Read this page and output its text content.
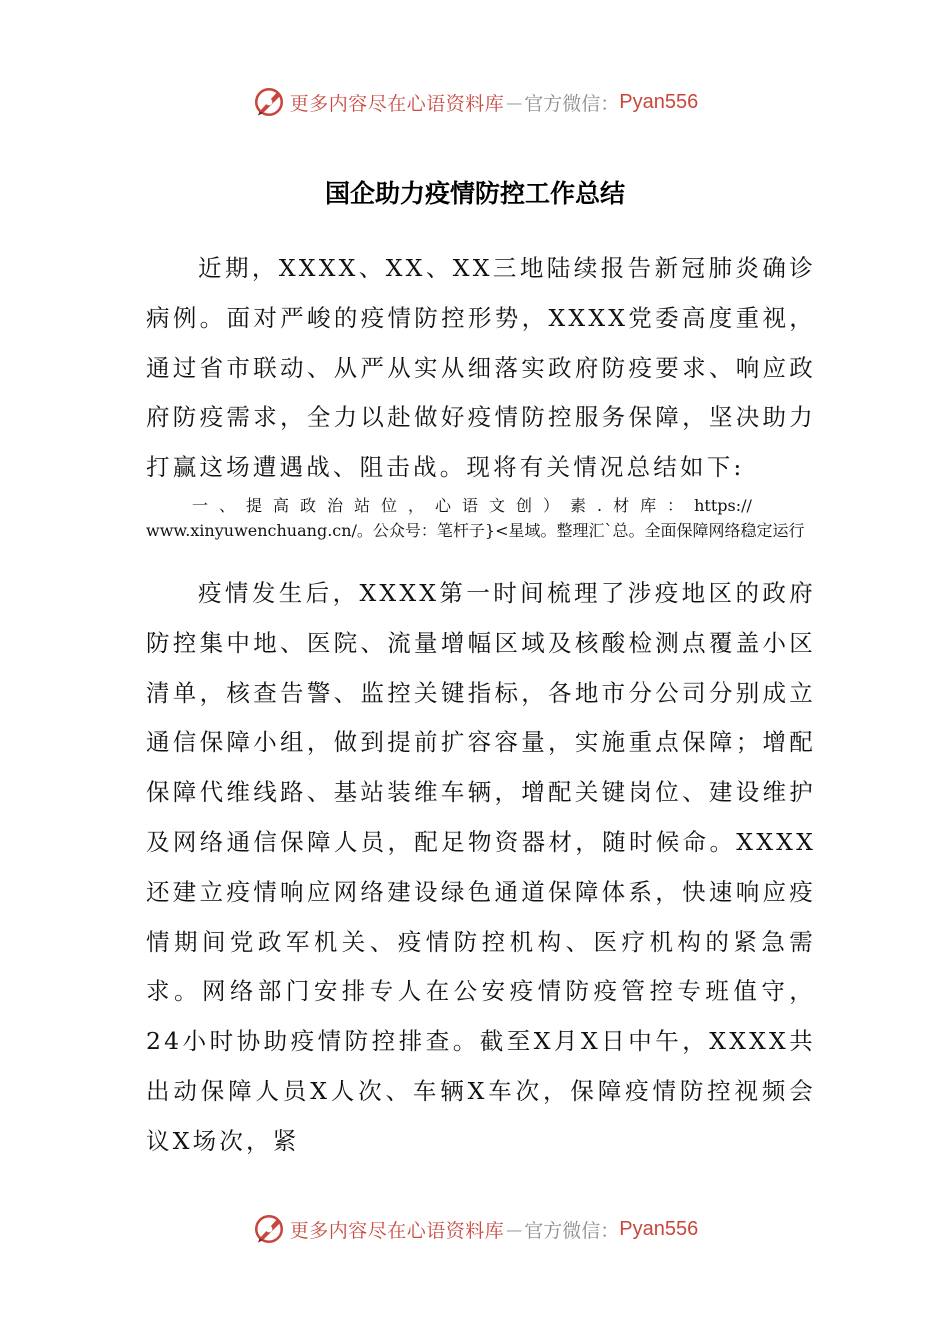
更多内容尽在心语资料库 — 官方微信： Pyan556
国企助力疫情防控工作总结
近期，XXXX、XX、XX三地陆续报告新冠肺炎确诊病例。面对严峻的疫情防控形势，XXXX党委高度重视，通过省市联动、从严从实从细落实政府防疫要求、响应政府防疫需求，全力以赴做好疫情防控服务保障，坚决助力打赢这场遭遇战、阻击战。现将有关情况总结如下:
一、提高政治站位，心语文创）素.材库：https://
www.xinyuwenchuang.cn/。公众号：笔杆子}<星域。整理汇`总。全面保障网络稳定运行
疫情发生后，XXXX第一时间梳理了涉疫地区的政府防控集中地、医院、流量增幅区域及核酸检测点覆盖小区清单，核查告警、监控关键指标，各地市分公司分别成立通信保障小组，做到提前扩容容量，实施重点保障；增配保障代维线路、基站装维车辆，增配关键岗位、建设维护及网络通信保障人员，配足物资器材，随时候命。XXXX还建立疫情响应网络建设绿色通道保障体系，快速响应疫情期间党政军机关、疫情防控机构、医疗机构的紧急需求。网络部门安排专人在公安疫情防疫管控专班值守，24小时协助疫情防控排查。截至X月X日中午，XXXX共出动保障人员X人次、车辆X车次，保障疫情防控视频会议X场次，紧
更多内容尽在心语资料库 — 官方微信： Pyan556
